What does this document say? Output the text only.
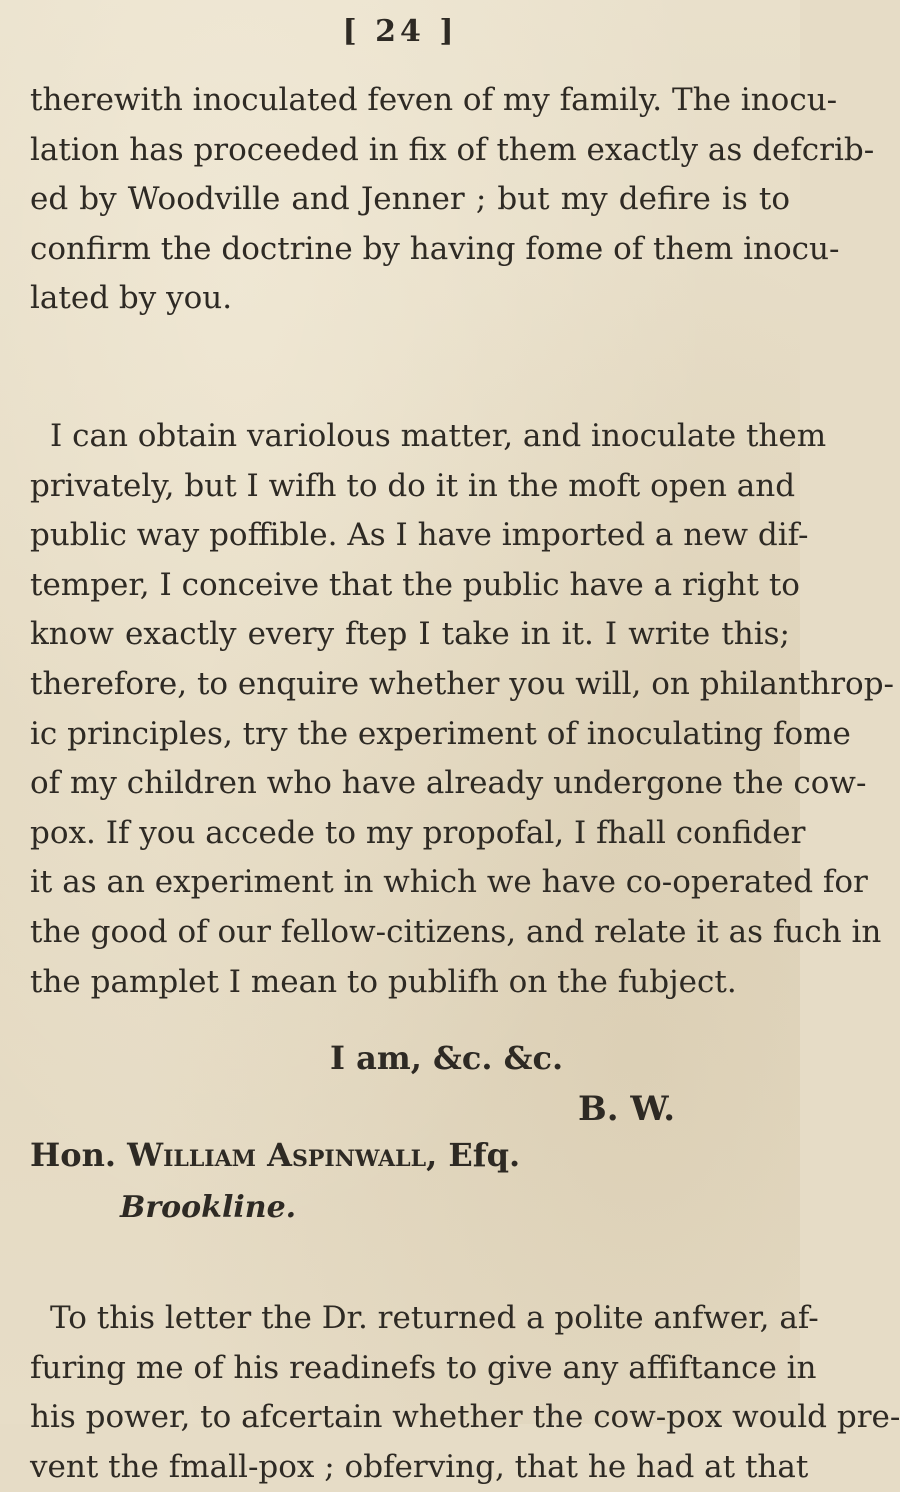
[ 24 ]
therewith inoculated feven of my family. The inocu-
lation has proceeded in fix of them exactly as defcrib-
ed by Woodville and Jenner ; but my defire is to
confirm the doctrine by having fome of them inocu-
lated by you.
I can obtain variolous matter, and inoculate them
privately, but I wifh to do it in the moft open and
public way poffible. As I have imported a new dif-
temper, I conceive that the public have a right to
know exactly every ftep I take in it. I write this;
therefore, to enquire whether you will, on philanthrop-
ic principles, try the experiment of inoculating fome
of my children who have already undergone the cow-
pox. If you accede to my propofal, I fhall confider
it as an experiment in which we have co-operated for
the good of our fellow-citizens, and relate it as fuch in
the pamplet I mean to publifh on the fubject.
I am, &c. &c.
B. W.
Hon. William Aspinwall, Efq.
Brookline.
To this letter the Dr. returned a polite anfwer, af-
furing me of his readinefs to give any affiftance in
his power, to afcertain whether the cow-pox would pre-
vent the fmall-pox ; obferving, that he had at that
